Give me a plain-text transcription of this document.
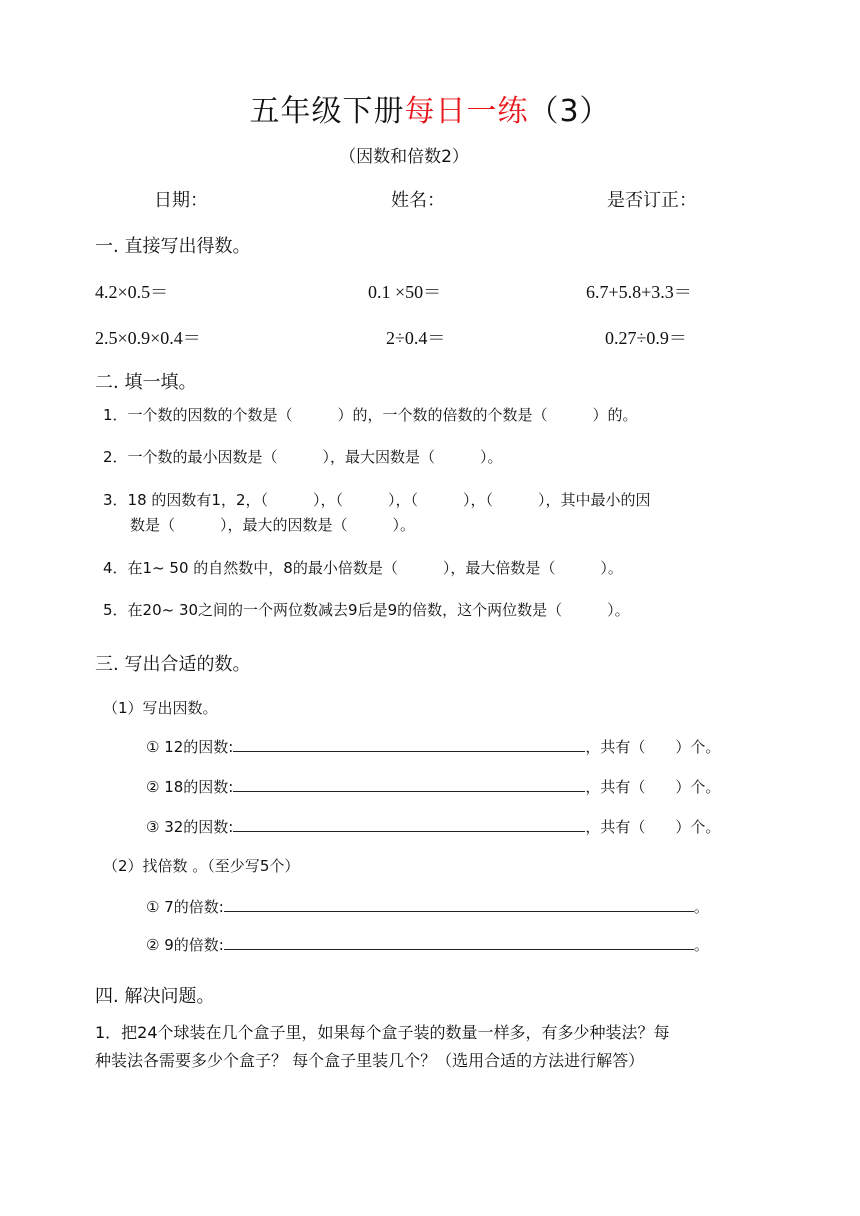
五年级下册每日一练（3）
（因数和倍数2）
日期：	姓名：	是否订正：
一. 直接写出得数。
4.2×0.5＝	0.1 ×50＝	6.7+5.8+3.3＝
2.5×0.9×0.4＝	2÷0.4＝	0.27÷0.9＝
二. 填一填。
1．一个数的因数的个数是（　　　）的，一个数的倍数的个数是（　　　）的。
2．一个数的最小因数是（　　　），最大因数是（　　　）。
3．18 的因数有1，2，（　　　），（　　　），（　　　），（　　　），其中最小的因
数是（　　　），最大的因数是（　　　）。
4．在1~ 50 的自然数中，8的最小倍数是（　　　），最大倍数是（　　　）。
5．在20~ 30之间的一个两位数减去9后是9的倍数，这个两位数是（　　　）。
三. 写出合适的数。
（1）写出因数。
① 12的因数:	，共有（　　）个。
② 18的因数:	，共有（　　）个。
③ 32的因数:	，共有（　　）个。
（2）找倍数 。（至少写5个）
① 7的倍数:	。
② 9的倍数:	。
四. 解决问题。
1．把24个球装在几个盒子里，如果每个盒子装的数量一样多，有多少种装法？每
种装法各需要多少个盒子？ 每个盒子里装几个？（选用合适的方法进行解答）
